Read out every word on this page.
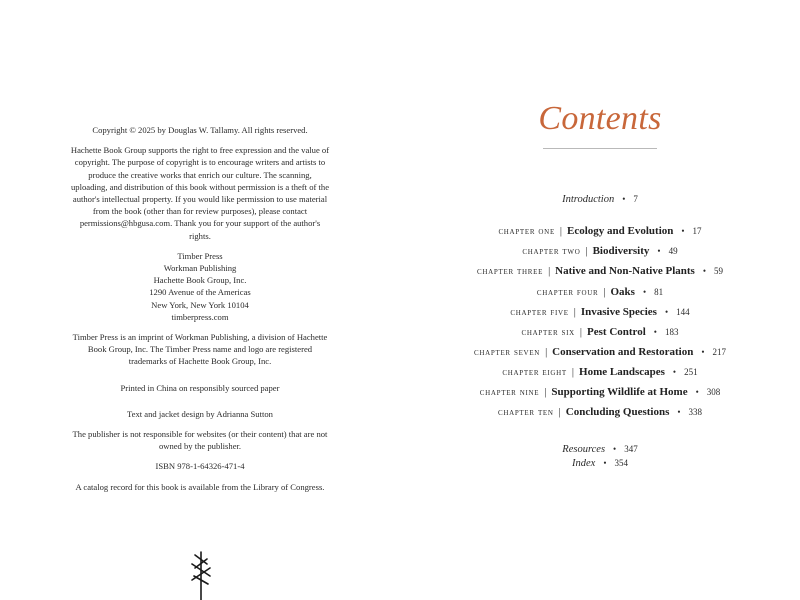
Copyright © 2025 by Douglas W. Tallamy. All rights reserved.

Hachette Book Group supports the right to free expression and the value of copyright. The purpose of copyright is to encourage writers and artists to produce the creative works that enrich our culture. The scanning, uploading, and distribution of this book without permission is a theft of the author's intellectual property. If you would like permission to use material from the book (other than for review purposes), please contact permissions@hbgusa.com. Thank you for your support of the author's rights.

Timber Press
Workman Publishing
Hachette Book Group, Inc.
1290 Avenue of the Americas
New York, New York 10104
timberpress.com

Timber Press is an imprint of Workman Publishing, a division of Hachette Book Group, Inc. The Timber Press name and logo are registered trademarks of Hachette Book Group, Inc.

Printed in China on responsibly sourced paper

Text and jacket design by Adrianna Sutton

The publisher is not responsible for websites (or their content) that are not owned by the publisher.

ISBN 978-1-64326-471-4

A catalog record for this book is available from the Library of Congress.

Contents
Introduction • 7
chapter one | Ecology and Evolution • 17
chapter two | Biodiversity • 49
chapter three | Native and Non-Native Plants • 59
chapter four | Oaks • 81
chapter five | Invasive Species • 144
chapter six | Pest Control • 183
chapter seven | Conservation and Restoration • 217
chapter eight | Home Landscapes • 251
chapter nine | Supporting Wildlife at Home • 308
chapter ten | Concluding Questions • 338
Resources • 347
Index • 354
